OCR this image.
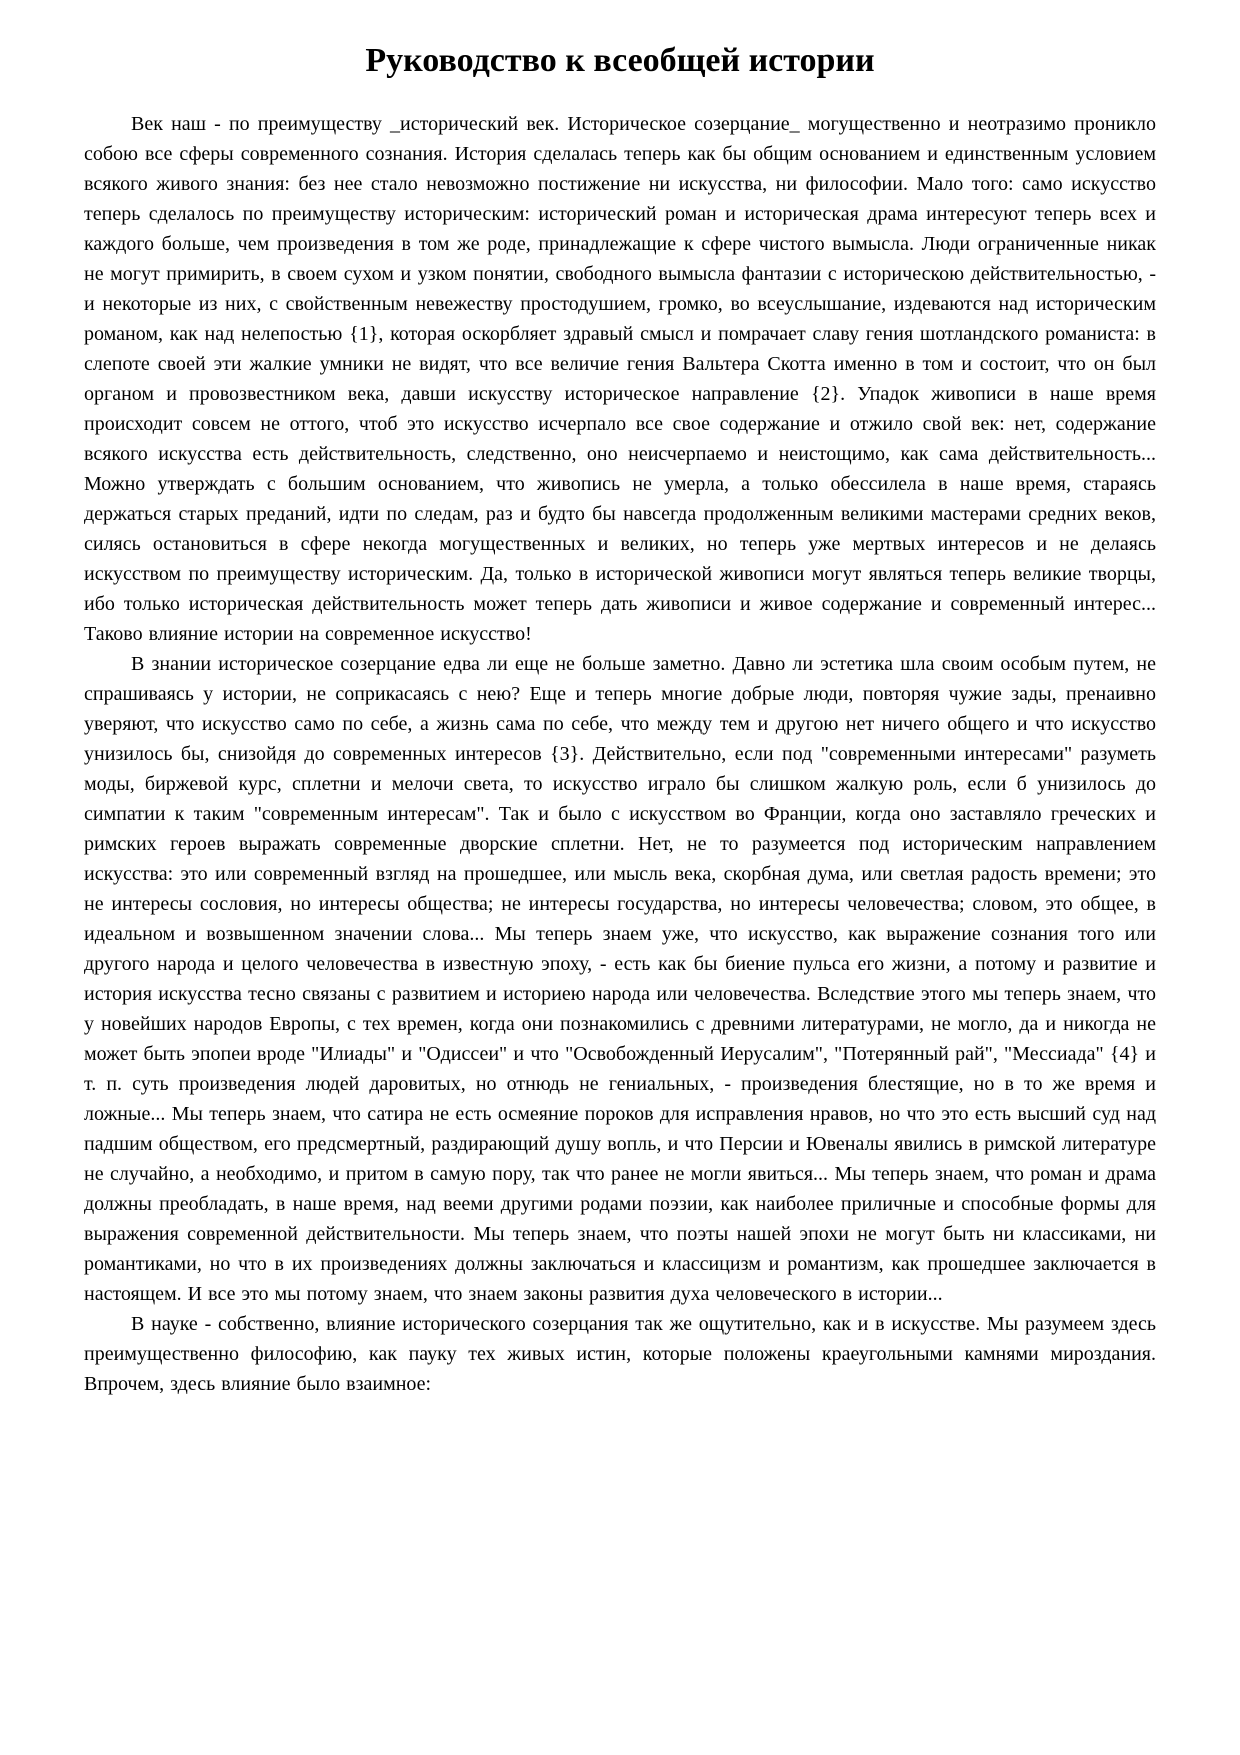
Руководство к всеобщей истории

Век наш - по преимуществу _исторический век. Историческое созерцание_ могущественно и неотразимо проникло собою все сферы современного сознания. История сделалась теперь как бы общим основанием и единственным условием всякого живого знания: без нее стало невозможно постижение ни искусства, ни философии. Мало того: само искусство теперь сделалось по преимуществу историческим: исторический роман и историческая драма интересуют теперь всех и каждого больше, чем произведения в том же роде, принадлежащие к сфере чистого вымысла. Люди ограниченные никак не могут примирить, в своем сухом и узком понятии, свободного вымысла фантазии с историческою действительностью, - и некоторые из них, с свойственным невежеству простодушием, громко, во всеуслышание, издеваются над историческим романом, как над нелепостью {1}, которая оскорбляет здравый смысл и помрачает славу гения шотландского романиста: в слепоте своей эти жалкие умники не видят, что все величие гения Вальтера Скотта именно в том и состоит, что он был органом и провозвестником века, давши искусству историческое направление {2}. Упадок живописи в наше время происходит совсем не оттого, чтоб это искусство исчерпало все свое содержание и отжило свой век: нет, содержание всякого искусства есть действительность, следственно, оно неисчерпаемо и неистощимо, как сама действительность... Можно утверждать с большим основанием, что живопись не умерла, а только обессилела в наше время, стараясь держаться старых преданий, идти по следам, раз и будто бы навсегда продолженным великими мастерами средних веков, силясь остановиться в сфере некогда могущественных и великих, но теперь уже мертвых интересов и не делаясь искусством по преимуществу историческим. Да, только в исторической живописи могут являться теперь великие творцы, ибо только историческая действительность может теперь дать живописи и живое содержание и современный интерес... Таково влияние истории на современное искусство!

В знании историческое созерцание едва ли еще не больше заметно. Давно ли эстетика шла своим особым путем, не спрашиваясь у истории, не соприкасаясь с нею? Еще и теперь многие добрые люди, повторяя чужие зады, пренаивно уверяют, что искусство само по себе, а жизнь сама по себе, что между тем и другою нет ничего общего и что искусство унизилось бы, снизойдя до современных интересов {3}. Действительно, если под "современными интересами" разуметь моды, биржевой курс, сплетни и мелочи света, то искусство играло бы слишком жалкую роль, если б унизилось до симпатии к таким "современным интересам". Так и было с искусством во Франции, когда оно заставляло греческих и римских героев выражать современные дворские сплетни. Нет, не то разумеется под историческим направлением искусства: это или современный взгляд на прошедшее, или мысль века, скорбная дума, или светлая радость времени; это не интересы сословия, но интересы общества; не интересы государства, но интересы человечества; словом, это общее, в идеальном и возвышенном значении слова... Мы теперь знаем уже, что искусство, как выражение сознания того или другого народа и целого человечества в известную эпоху, - есть как бы биение пульса его жизни, а потому и развитие и история искусства тесно связаны с развитием и историею народа или человечества. Вследствие этого мы теперь знаем, что у новейших народов Европы, с тех времен, когда они познакомились с древними литературами, не могло, да и никогда не может быть эпопеи вроде "Илиады" и "Одиссеи" и что "Освобожденный Иерусалим", "Потерянный рай", "Мессиада" {4} и т. п. суть произведения людей даровитых, но отнюдь не гениальных, - произведения блестящие, но в то же время и ложные... Мы теперь знаем, что сатира не есть осмеяние пороков для исправления нравов, но что это есть высший суд над падшим обществом, его предсмертный, раздирающий душу вопль, и что Персии и Ювеналы явились в римской литературе не случайно, а необходимо, и притом в самую пору, так что ранее не могли явиться... Мы теперь знаем, что роман и драма должны преобладать, в наше время, над вееми другими родами поэзии, как наиболее приличные и способные формы для выражения современной действительности. Мы теперь знаем, что поэты нашей эпохи не могут быть ни классиками, ни романтиками, но что в их произведениях должны заключаться и классицизм и романтизм, как прошедшее заключается в настоящем. И все это мы потому знаем, что знаем законы развития духа человеческого в истории...

В науке - собственно, влияние исторического созерцания так же ощутительно, как и в искусстве. Мы разумеем здесь преимущественно философию, как пауку тех живых истин, которые положены краеугольными камнями мироздания. Впрочем, здесь влияние было взаимное:
